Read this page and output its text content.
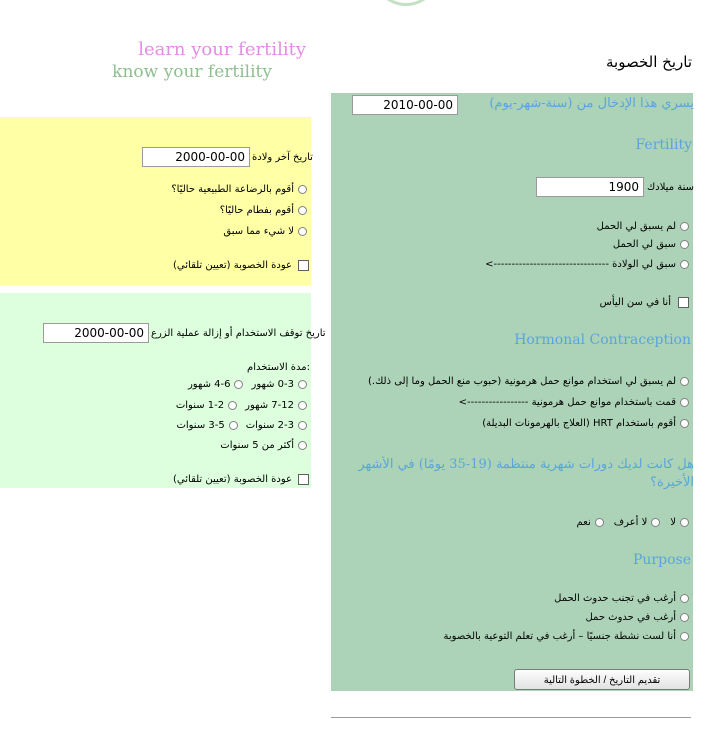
learn your fertility
know your fertility	تاريخ الخصوبة
2000-00-00
تاريخ آخر ولادة
أقوم بالرضاعة الطبيعية حاليًا؟
أقوم بفطام حاليًا؟
لا شيء مما سبق
عودة الخصوبة (تعيين تلقائي)
2000-00-00
تاريخ توقف الاستخدام أو إزالة عملية الزرع
مدة الاستخدام:
0-3 شهور
4-6 شهور
7-12 شهور
1-2 سنوات
2-3 سنوات
3-5 سنوات
أكثر من 5 سنوات
عودة الخصوبة (تعيين تلقائي)
2010-00-00
يسري هذا الإدخال من (سنة-شهر-يوم)
Fertility
1900
سنة ميلادك
لم يسبق لي الحمل
سبق لي الحمل
سبق لي الولادة -------------------------------->
أنا في سن اليأس
Hormonal Contraception
لم يسبق لي استخدام موانع حمل هرمونية (حبوب منع الحمل وما إلى ذلك.)
قمت باستخدام موانع حمل هرمونية ----------------->
أقوم باستخدام HRT (العلاج بالهرمونات البديلة)
هل كانت لديك دورات شهرية منتظمة (19-35 يومًا) في الأشهر
الأخيرة؟
لا
لا أعرف
نعم
Purpose
أرغب في تجنب حدوث الحمل
أرغب في حدوث حمل
أنا لست نشطة جنسيًا – أرغب في تعلم التوعية بالخصوبة
تقديم التاريخ / الخطوة التالية
